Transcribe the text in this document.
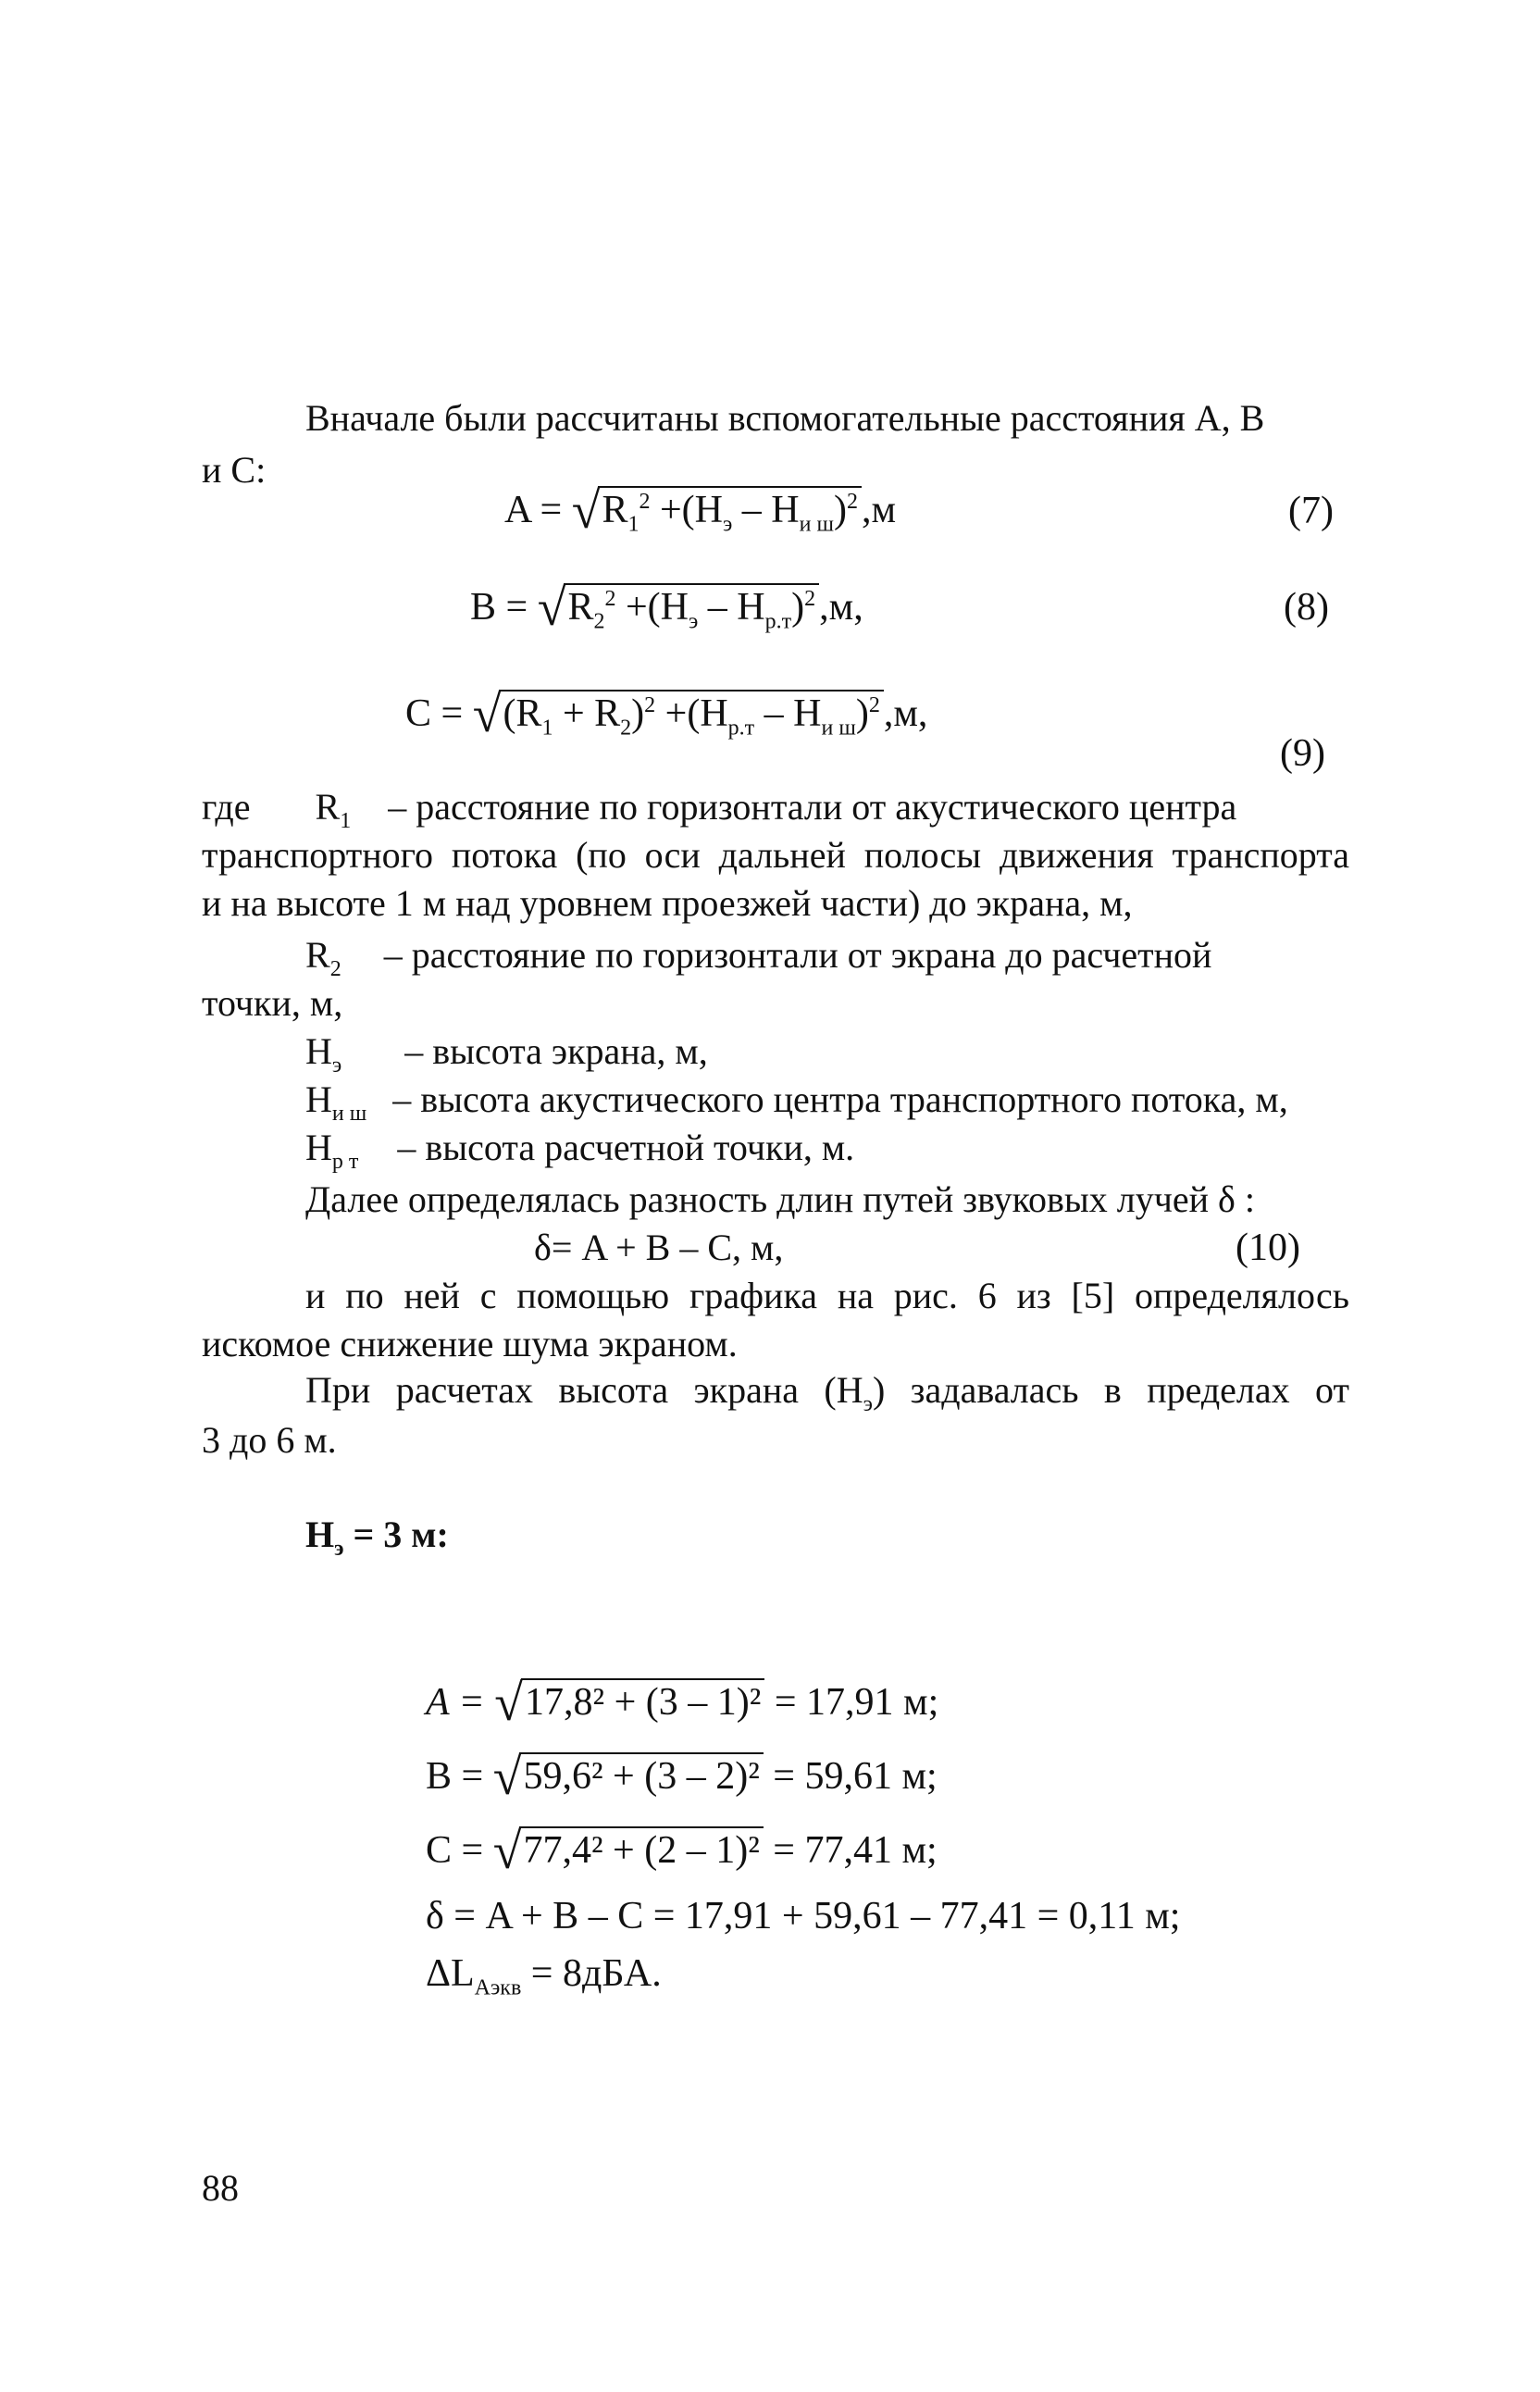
Вначале были рассчитаны вспомогательные расстояния А, В
и С:
$A = √R_1^2 +(H_э - H_{и ш})^2,м$	(7)
$B = √R_2^2 +(H_э - H_{р.т})^2,м$,	(8)
$C = √(R_1 + R_2)^2 +(H_{р.т} - H_{и ш})^2,м$,
(9)
где $R_1$ – расстояние по горизонтали от акустического центра
транспортного потока (по оси дальней полосы движения транспорта
и на высоте 1 м над уровнем проезжей части) до экрана, м,
$R_2$ – расстояние по горизонтали от экрана до расчетной
точки, м,
$H_э$ – высота экрана, м,
$H_{и ш}$ – высота акустического центра транспортного потока, м,
$H_{р т}$ – высота расчетной точки, м.
Далее определялась разность длин путей звуковых лучей δ :
δ= A + B – C, м,	(10)
и по ней с помощью графика на рис. 6 из [5] определялось
искомое снижение шума экраном.
При расчетах высота экрана $(H_э)$ задавалась в пределах от
3 до 6 м.
$H_э = 3$ м:
A = √17,8² + (3 – 1)² = 17,91 м;
B = √59,6² + (3 – 2)² = 59,61 м;
C = √77,4² + (2 – 1)² = 77,41 м;
δ = A + B – C = 17,91 + 59,61 – 77,41 = 0,11 м;
$\Delta L_{Аэкв} = 8дБА$.
88
